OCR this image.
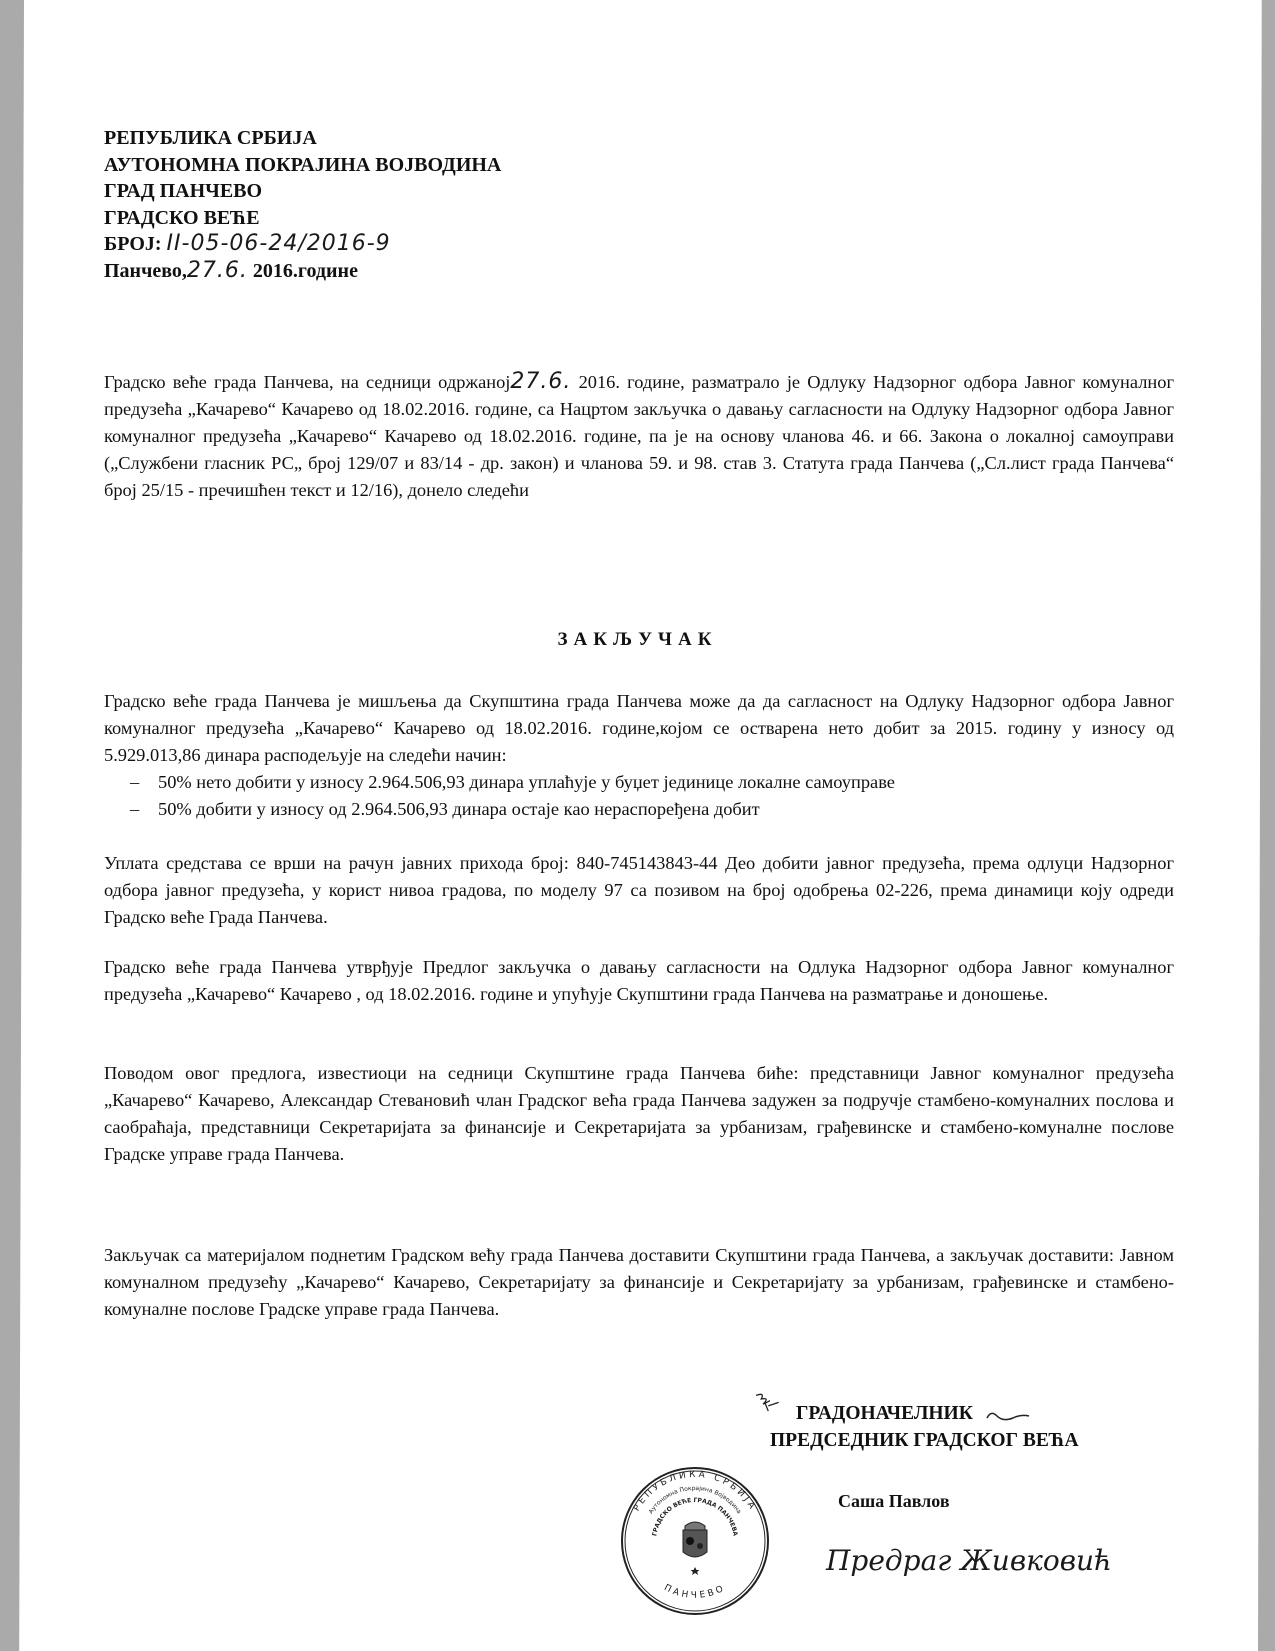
РЕПУБЛИКА СРБИЈА
АУТОНОМНА ПОКРАЈИНА ВОЈВОДИНА
ГРАД ПАНЧЕВО
ГРАДСКО ВЕЋЕ
БРОЈ: II-05-06-24/2016-9
Панчево,27.6. 2016.године
Градско веће града Панчева, на седници одржаној27.6. 2016. године, разматрало је Одлуку Надзорног одбора Јавног комуналног предузећа „Качарево“ Качарево од 18.02.2016. године, са Нацртом закључка о давању сагласности на Одлуку Надзорног одбора Јавног комуналног предузећа „Качарево“ Качарево од 18.02.2016. године, па је на основу чланова 46. и 66. Закона о локалној самоуправи („Службени гласник РС„ број 129/07 и 83/14 - др. закон) и чланова 59. и 98. став 3. Статута града Панчева („Сл.лист града Панчева“ број 25/15 - пречишћен текст и 12/16), донело следећи
ЗАКЉУЧАК
Градско веће града Панчева је мишљења да Скупштина града Панчева може да да сагласност на Одлуку Надзорног одбора Јавног комуналног предузећа „Качарево“ Качарево од 18.02.2016. године,којом се остварена нето добит за 2015. годину у износу од 5.929.013,86 динара расподељује на следећи начин:
– 50% нето добити у износу 2.964.506,93 динара уплаћује у буџет јединице локалне самоуправе
– 50% добити у износу од 2.964.506,93 динара остаје као нераспоређена добит
Уплата средстава се врши на рачун јавних прихода број: 840-745143843-44 Део добити јавног предузећа, према одлуци Надзорног одбора јавног предузећа, у корист нивоа градова, по моделу 97 са позивом на број одобрења 02-226, према динамици коју одреди Градско веће Града Панчева.
Градско веће града Панчева утврђује Предлог закључка о давању сагласности на Одлука Надзорног одбора Јавног комуналног предузећа „Качарево“ Качарево , од 18.02.2016. године и упућује Скупштини града Панчева на разматрање и доношење.
Поводом овог предлога, известиоци на седници Скупштине града Панчева биће: представници Јавног комуналног предузећа „Качарево“ Качарево, Александар Стевановић члан Градског већа града Панчева задужен за подручје стамбено-комуналних послова и саобраћаја, представници Секретаријата за финансије и Секретаријата за урбанизам, грађевинске и стамбено-комуналне послове Градске управе града Панчева.
Закључак са материјалом поднетим Градском већу града Панчева доставити Скупштини града Панчева, а закључак доставити: Јавном комуналном предузећу „Качарево“ Качарево, Секретаријату за финансије и Секретаријату за урбанизам, грађевинске и стамбено-комуналне послове Градске управе града Панчева.
РЕПУБЛИКА СРБИЈА
Аутономна Покрајина Војводина
ГРАДСКО ВЕЋЕ ГРАДА ПАНЧЕВА
ПАНЧЕВО
ГРАДОНАЧЕЛНИК
ПРЕДСЕДНИК ГРАДСКОГ ВЕЋА
Саша Павлов
Предраг Живковић
